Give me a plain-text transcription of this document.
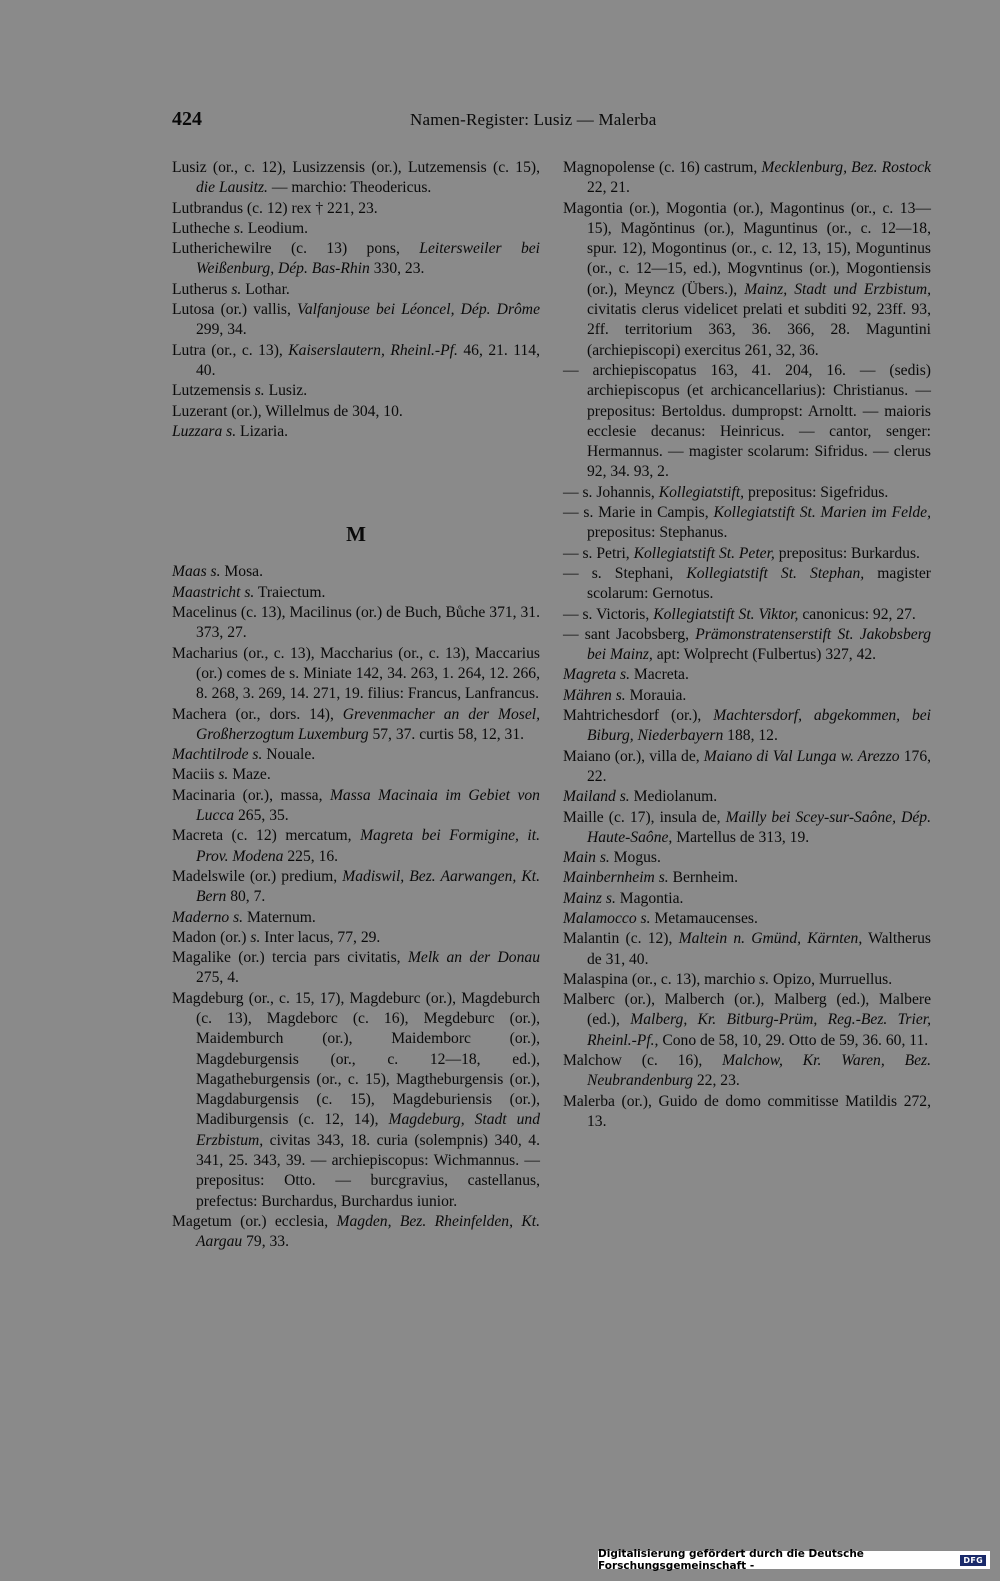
424	Namen-Register: Lusiz — Malerba

Lusiz (or., c. 12), Lusizzensis (or.), Lutzemensis (c. 15), die Lausitz. — marchio: Theodericus.

Lutbrandus (c. 12) rex † 221, 23.

Lutheche s. Leodium.

Lutherichewilre (c. 13) pons, Leitersweiler bei Weißenburg, Dép. Bas-Rhin 330, 23.

Lutherus s. Lothar.

Lutosa (or.) vallis, Valfanjouse bei Léoncel, Dép. Drôme 299, 34.

Lutra (or., c. 13), Kaiserslautern, Rheinl.-Pf. 46, 21. 114, 40.

Lutzemensis s. Lusiz.

Luzerant (or.), Willelmus de 304, 10.

Luzzara s. Lizaria.

M

Maas s. Mosa.

Maastricht s. Traiectum.

Macelinus (c. 13), Macilinus (or.) de Buch, Bůche 371, 31. 373, 27.

Macharius (or., c. 13), Maccharius (or., c. 13), Maccarius (or.) comes de s. Miniate 142, 34. 263, 1. 264, 12. 266, 8. 268, 3. 269, 14. 271, 19. filius: Francus, Lanfrancus.

Machera (or., dors. 14), Grevenmacher an der Mosel, Großherzogtum Luxemburg 57, 37. curtis 58, 12, 31.

Machtilrode s. Nouale.

Maciis s. Maze.

Macinaria (or.), massa, Massa Macinaia im Gebiet von Lucca 265, 35.

Macreta (c. 12) mercatum, Magreta bei Formigine, it. Prov. Modena 225, 16.

Madelswile (or.) predium, Madiswil, Bez. Aarwangen, Kt. Bern 80, 7.

Maderno s. Maternum.

Madon (or.) s. Inter lacus, 77, 29.

Magalike (or.) tercia pars civitatis, Melk an der Donau 275, 4.

Magdeburg (or., c. 15, 17), Magdeburc (or.), Magdeburch (c. 13), Magdeborc (c. 16), Megdeburc (or.), Maidemburch (or.), Maidemborc (or.), Magdeburgensis (or., c. 12—18, ed.), Magatheburgensis (or., c. 15), Magtheburgensis (or.), Magdaburgensis (c. 15), Magdeburiensis (or.), Madiburgensis (c. 12, 14), Magdeburg, Stadt und Erzbistum, civitas 343, 18. curia (solempnis) 340, 4. 341, 25. 343, 39. — archiepiscopus: Wichmannus. — prepositus: Otto. — burcgravius, castellanus, prefectus: Burchardus, Burchardus iunior.

Magetum (or.) ecclesia, Magden, Bez. Rheinfelden, Kt. Aargau 79, 33.

Magnopolense (c. 16) castrum, Mecklenburg, Bez. Rostock 22, 21.

Magontia (or.), Mogontia (or.), Magontinus (or., c. 13—15), Magŏntinus (or.), Maguntinus (or., c. 12—18, spur. 12), Mogontinus (or., c. 12, 13, 15), Moguntinus (or., c. 12—15, ed.), Mogvntinus (or.), Mogontiensis (or.), Meyncz (Übers.), Mainz, Stadt und Erzbistum, civitatis clerus videlicet prelati et subditi 92, 23ff. 93, 2ff. territorium 363, 36. 366, 28. Maguntini (archiepiscopi) exercitus 261, 32, 36.

— archiepiscopatus 163, 41. 204, 16. — (sedis) archiepiscopus (et archicancellarius): Christianus. — prepositus: Bertoldus. dumpropst: Arnoltt. — maioris ecclesie decanus: Heinricus. — cantor, senger: Hermannus. — magister scolarum: Sifridus. — clerus 92, 34. 93, 2.

— s. Johannis, Kollegiatstift, prepositus: Sigefridus.

— s. Marie in Campis, Kollegiatstift St. Marien im Felde, prepositus: Stephanus.

— s. Petri, Kollegiatstift St. Peter, prepositus: Burkardus.

— s. Stephani, Kollegiatstift St. Stephan, magister scolarum: Gernotus.

— s. Victoris, Kollegiatstift St. Viktor, canonicus: 92, 27.

— sant Jacobsberg, Prämonstratenserstift St. Jakobsberg bei Mainz, apt: Wolprecht (Fulbertus) 327, 42.

Magreta s. Macreta.

Mähren s. Morauia.

Mahtrichesdorf (or.), Machtersdorf, abgekommen, bei Biburg, Niederbayern 188, 12.

Maiano (or.), villa de, Maiano di Val Lunga w. Arezzo 176, 22.

Mailand s. Mediolanum.

Maille (c. 17), insula de, Mailly bei Scey-sur-Saône, Dép. Haute-Saône, Martellus de 313, 19.

Main s. Mogus.

Mainbernheim s. Bernheim.

Mainz s. Magontia.

Malamocco s. Metamaucenses.

Malantin (c. 12), Maltein n. Gmünd, Kärnten, Waltherus de 31, 40.

Malaspina (or., c. 13), marchio s. Opizo, Murruellus.

Malberc (or.), Malberch (or.), Malberg (ed.), Malbere (ed.), Malberg, Kr. Bitburg-Prüm, Reg.-Bez. Trier, Rheinl.-Pf., Cono de 58, 10, 29. Otto de 59, 36. 60, 11.

Malchow (c. 16), Malchow, Kr. Waren, Bez. Neubrandenburg 22, 23.

Malerba (or.), Guido de domo commitisse Matildis 272, 13.

Digitalisierung gefördert durch die Deutsche Forschungsgemeinschaft -	DFG
